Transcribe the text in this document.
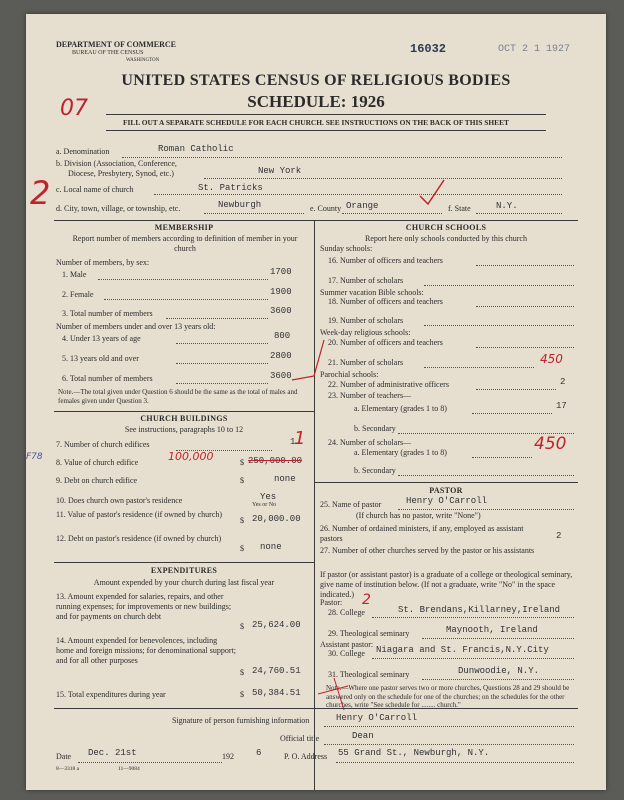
DEPARTMENT OF COMMERCE
BUREAU OF THE CENSUS
WASHINGTON
16032	OCT 2 1 1927
UNITED STATES CENSUS OF RELIGIOUS BODIES
SCHEDULE: 1926
07
FILL OUT A SEPARATE SCHEDULE FOR EACH CHURCH. SEE INSTRUCTIONS ON THE BACK OF THIS SHEET
2
a. Denomination	Roman Catholic
b. Division (Association, Conference,
Diocese, Presbytery, Synod, etc.)	New York
c. Local name of church	St. Patricks
d. City, town, village, or township, etc.	Newburgh	e. County Orange	f. State	N.Y.
MEMBERSHIP
Report number of members according to definition of member in your church
Number of members, by sex:
1. Male	1700
2. Female	1900
3. Total number of members	3600
Number of members under and over 13 years old:
4. Under 13 years of age	800
5. 13 years old and over	2800
6. Total number of members	3600
Note.—The total given under Question 6 should be the same as the total of males and females given under Question 3.
CHURCH BUILDINGS
See instructions, paragraphs 10 to 12
7. Number of church edifices	1
1
F78
8. Value of church edifice	100,000	$ 250,000.00
9. Debt on church edifice	$	none
10. Does church own pastor's residence	Yes
Yes or No
11. Value of pastor's residence (if owned by church)
$ 20,000.00
12. Debt on pastor's residence (if owned by church)
$ none
EXPENDITURES
Amount expended by your church during last fiscal year
13. Amount expended for salaries, repairs, and other running expenses; for improvements or new buildings; and for payments on church debt
$ 25,624.00
14. Amount expended for benevolences, including home and foreign missions; for denominational support; and for all other purposes
$ 24,760.51
15. Total expenditures during year	$ 50,384.51
CHURCH SCHOOLS
Report here only schools conducted by this church
Sunday schools:
16. Number of officers and teachers
17. Number of scholars
Summer vacation Bible schools:
18. Number of officers and teachers
19. Number of scholars
Week-day religious schools:
20. Number of officers and teachers
21. Number of scholars	450
Parochial schools:
22. Number of administrative officers	2
23. Number of teachers—
a. Elementary (grades 1 to 8)	17
b. Secondary
24. Number of scholars—
a. Elementary (grades 1 to 8)	450
b. Secondary
PASTOR
25. Name of pastor	Henry O'Carroll
(If church has no pastor, write "None")
26. Number of ordained ministers, if any, employed as assistant pastors	2
27. Number of other churches served by the pastor or his assistants
If pastor (or assistant pastor) is a graduate of a college or theological seminary, give name of institution below. (If not a graduate, write "No" in the space indicated.)
Pastor: 2
28. College	St. Brendans,Killarney,Ireland
29. Theological seminary	Maynooth, Ireland
Assistant pastor:
30. College Niagara and St. Francis,N.Y.City
31. Theological seminary	Dunwoodie, N.Y.
Note.—Where one pastor serves two or more churches, Questions 28 and 29 should be answered only on the schedule for one of the churches; on the schedules for the other churches, write "See schedule for ........ church."
Signature of person furnishing information	Henry O'Carroll
Official title	Dean
Date Dec. 21st	192 6	P. O. Address 55 Grand St., Newburgh, N.Y.
8—3318 a	11—9084
